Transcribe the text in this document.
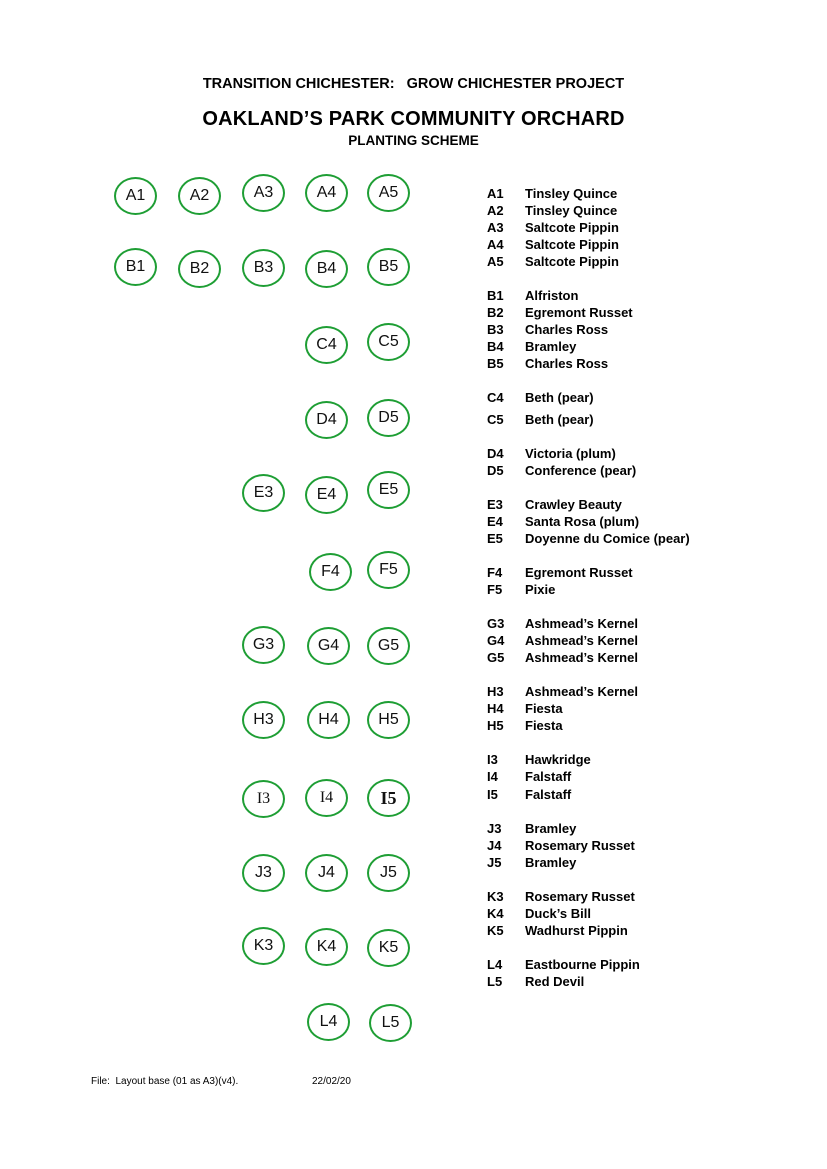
TRANSITION CHICHESTER:   GROW CHICHESTER PROJECT
OAKLAND’S PARK COMMUNITY ORCHARD
PLANTING SCHEME
A1	A2	A3	A4	A5
B1	B2	B3	B4	B5
C4	C5
D4	D5
E3	E4	E5
F4 F5
G3	G4 G5
H3	H4 H5
I3	I4	I5
J3	J4	J5
K3	K4	K5
L4	L5
A1 Tinsley Quince
A2 Tinsley Quince
A3 Saltcote Pippin
A4 Saltcote Pippin
A5 Saltcote Pippin
B1 Alfriston
B2 Egremont Russet
B3 Charles Ross
B4 Bramley
B5 Charles Ross
C4 Beth (pear)
C5 Beth (pear)
D4 Victoria (plum)
D5 Conference (pear)
E3 Crawley Beauty
E4 Santa Rosa (plum)
E5 Doyenne du Comice (pear)
F4 Egremont Russet
F5 Pixie
G3 Ashmead’s Kernel
G4 Ashmead’s Kernel
G5 Ashmead’s Kernel
H3 Ashmead’s Kernel
H4 Fiesta
H5 Fiesta
I3 Hawkridge
I4 Falstaff
I5 Falstaff
J3 Bramley
J4 Rosemary Russet
J5 Bramley
K3 Rosemary Russet
K4 Duck’s Bill
K5 Wadhurst Pippin
L4 Eastbourne Pippin
L5 Red Devil
File:  Layout base (01 as A3)(v4).	22/02/20
